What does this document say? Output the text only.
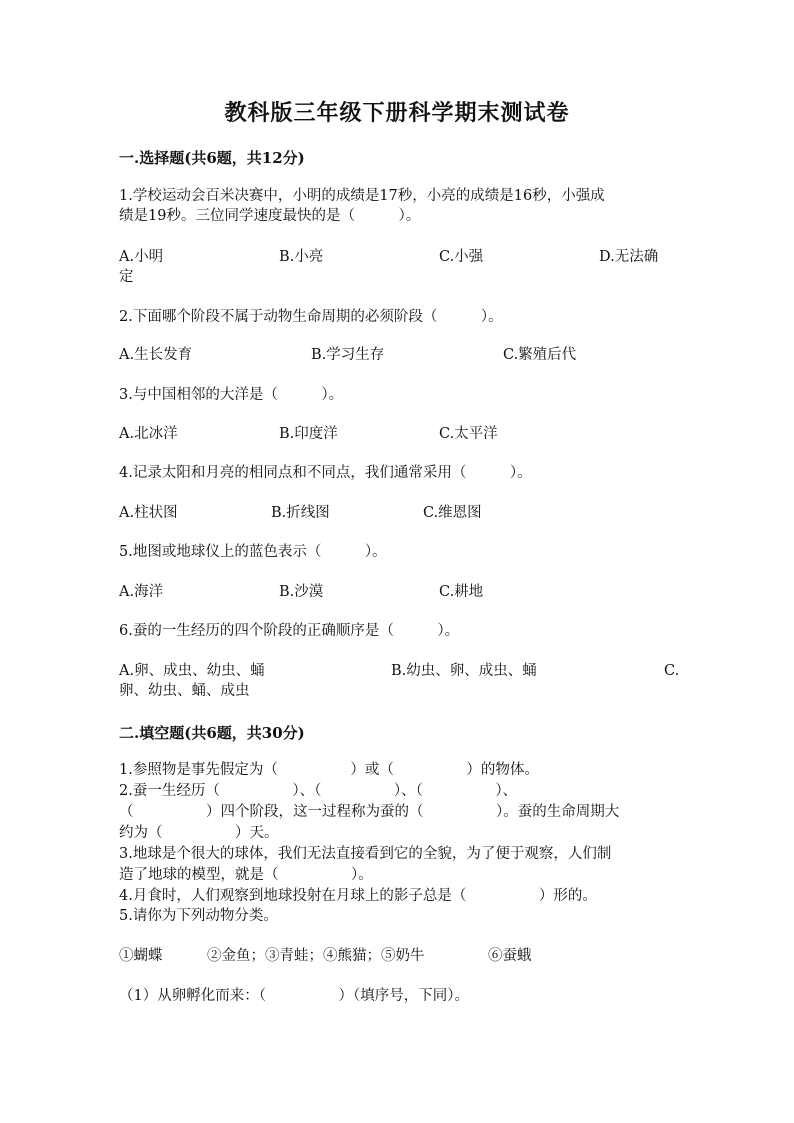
教科版三年级下册科学期末测试卷
一.选择题(共6题，共12分)
1.学校运动会百米决赛中，小明的成绩是17秒，小亮的成绩是16秒，小强成
绩是19秒。三位同学速度最快的是（　　　）。
A.小明	B.小亮	C.小强	D.无法确
定
2.下面哪个阶段不属于动物生命周期的必须阶段（　　　）。
A.生长发育	B.学习生存	C.繁殖后代
3.与中国相邻的大洋是（　　　）。
A.北冰洋	B.印度洋	C.太平洋
4.记录太阳和月亮的相同点和不同点，我们通常采用（　　　）。
A.柱状图	B.折线图	C.维恩图
5.地图或地球仪上的蓝色表示（　　　）。
A.海洋	B.沙漠	C.耕地
6.蚕的一生经历的四个阶段的正确顺序是（　　　）。
A.卵、成虫、幼虫、蛹	B.幼虫、卵、成虫、蛹	C.
卵、幼虫、蛹、成虫
二.填空题(共6题，共30分)
1.参照物是事先假定为（　　　　　）或（　　　　　）的物体。
2.蚕一生经历（　　　　　）、（　　　　　）、（　　　　　）、
（　　　　　）四个阶段，这一过程称为蚕的（　　　　　）。蚕的生命周期大
约为（　　　　　）天。
3.地球是个很大的球体，我们无法直接看到它的全貌，为了便于观察，人们制
造了地球的模型，就是（　　　　　）。
4.月食时，人们观察到地球投射在月球上的影子总是（　　　　　）形的。
5.请你为下列动物分类。
①蝴蝶	②金鱼；③青蛙；④熊猫；⑤奶牛	⑥蚕蛾
（1）从卵孵化而来：（　　　　　）（填序号，下同）。
